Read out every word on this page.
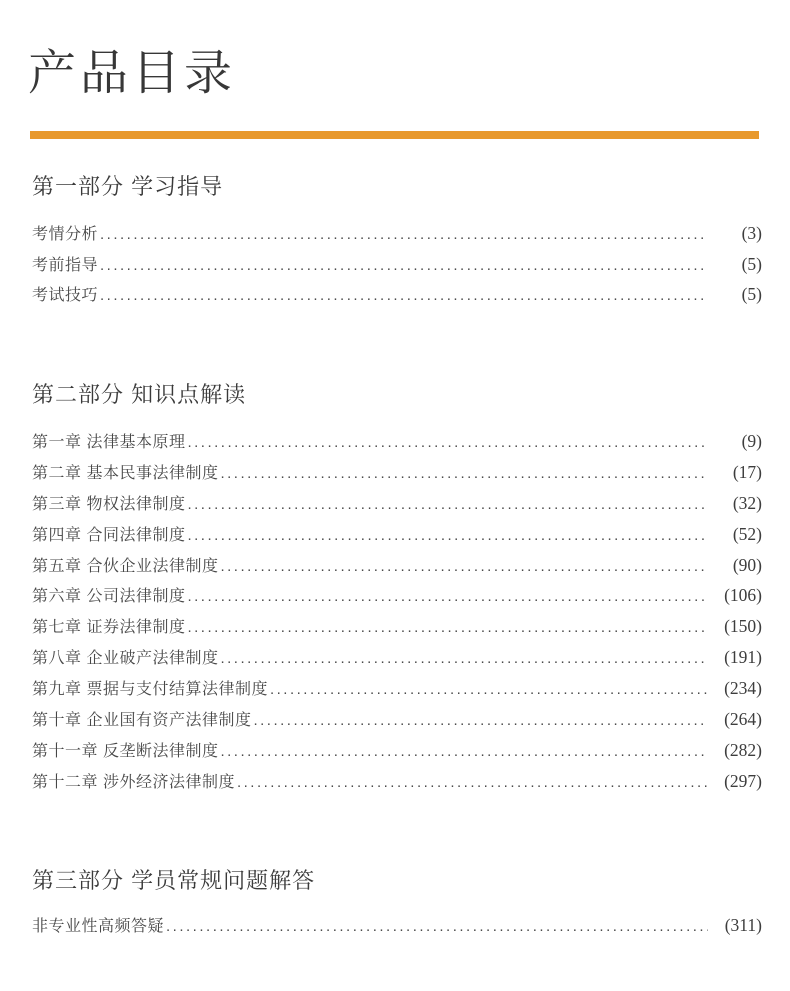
产品目录
第一部分 学习指导
考情分析 .....	(3)
考前指导 .....	(5)
考试技巧 .....	(5)
第二部分 知识点解读
第一章 法律基本原理 .....	(9)
第二章 基本民事法律制度 .....	(17)
第三章 物权法律制度 .....	(32)
第四章 合同法律制度 .....	(52)
第五章 合伙企业法律制度 .....	(90)
第六章 公司法律制度 .....	(106)
第七章 证券法律制度 .....	(150)
第八章 企业破产法律制度 .....	(191)
第九章 票据与支付结算法律制度 .....	(234)
第十章 企业国有资产法律制度 .....	(264)
第十一章 反垄断法律制度 .....	(282)
第十二章 涉外经济法律制度 .....	(297)
第三部分 学员常规问题解答
非专业性高频答疑 .....	(311)
